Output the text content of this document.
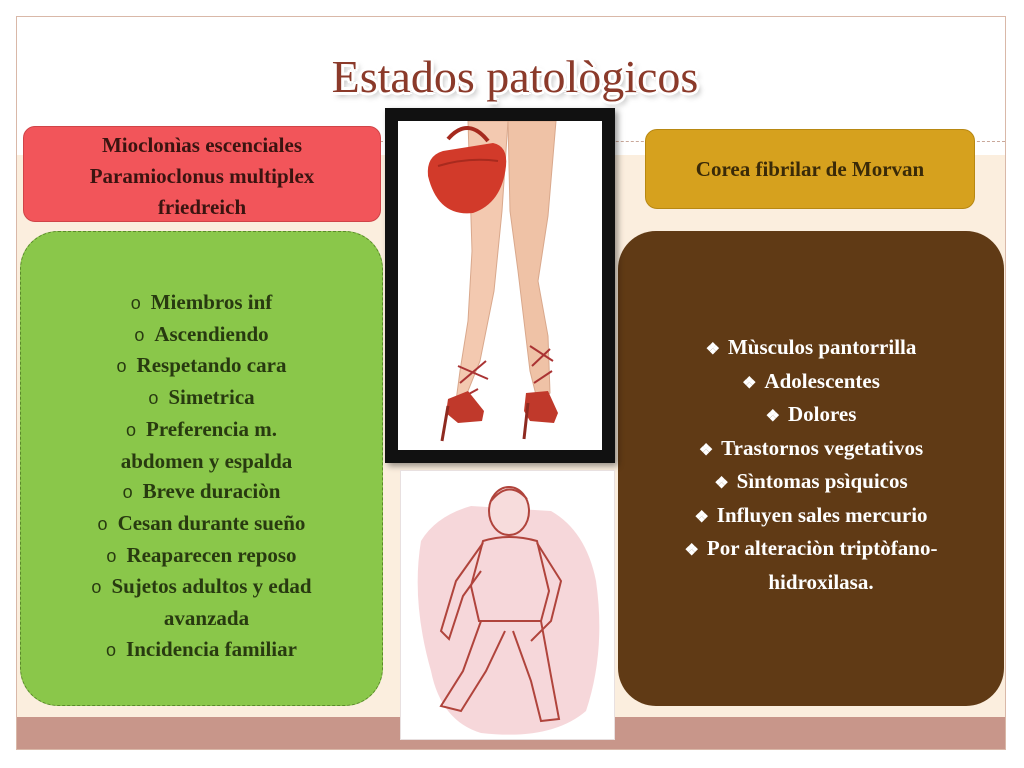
Estados patològicos
Mioclonìas escenciales
Paramioclonus multiplex
friedreich
Corea fibrilar de Morvan
o Miembros inf
o Ascendiendo
o Respetando cara
o Simetrica
o Preferencia m.
abdomen y espalda
o Breve duraciòn
o Cesan durante sueño
o Reaparecen reposo
o Sujetos adultos y edad
avanzada
o Incidencia familiar
❖ Mùsculos pantorrilla
❖ Adolescentes
❖ Dolores
❖ Trastornos vegetativos
❖ Sìntomas psìquicos
❖ Influyen sales mercurio
❖ Por alteraciòn triptòfano-
hidroxilasa.
